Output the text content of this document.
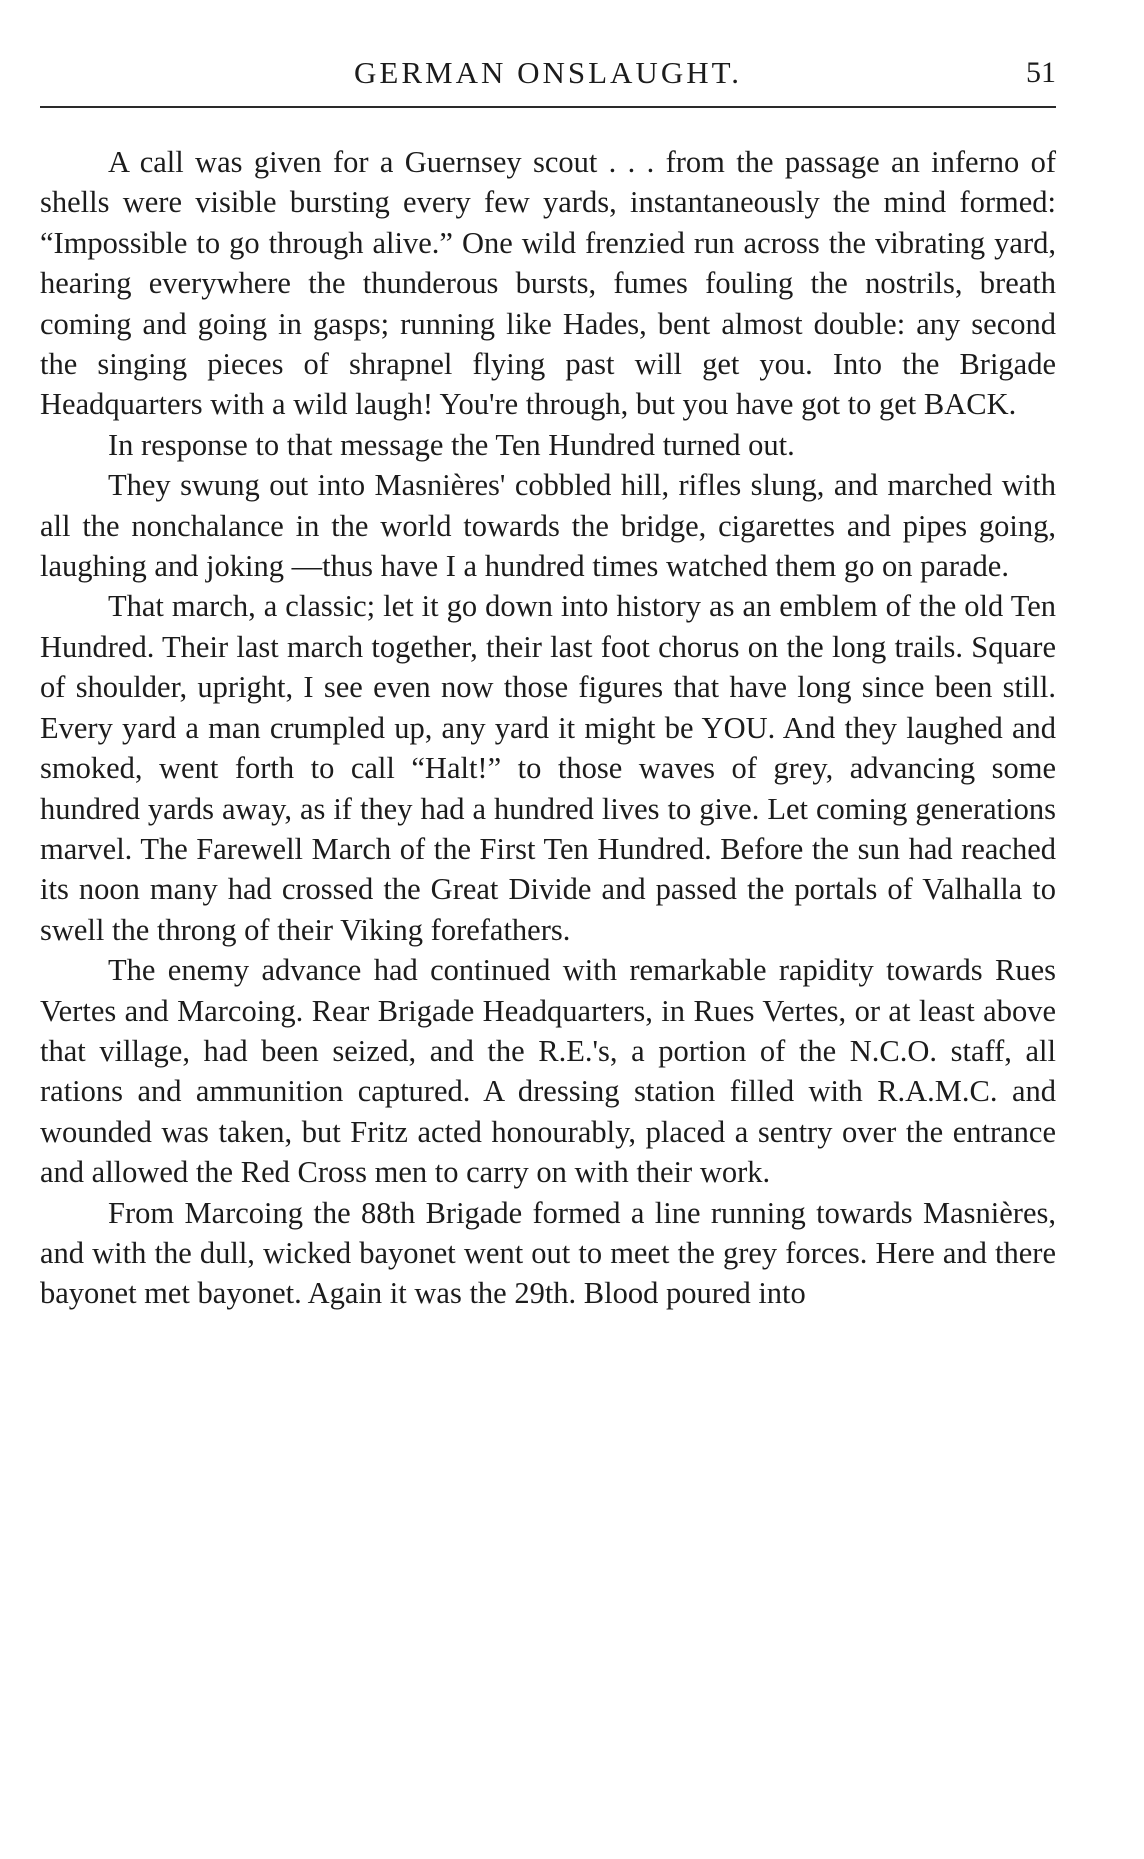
GERMAN ONSLAUGHT.	51

A call was given for a Guernsey scout . . . from the passage an inferno of shells were visible bursting every few yards, instantaneously the mind formed: “Impossible to go through alive.” One wild frenzied run across the vibrating yard, hearing everywhere the thunderous bursts, fumes fouling the nostrils, breath coming and going in gasps; running like Hades, bent almost double: any second the singing pieces of shrapnel flying past will get you. Into the Brigade Headquarters with a wild laugh! You're through, but you have got to get BACK.

In response to that message the Ten Hundred turned out.

They swung out into Masnières' cobbled hill, rifles slung, and marched with all the nonchalance in the world towards the bridge, cigarettes and pipes going, laughing and joking —thus have I a hundred times watched them go on parade.

That march, a classic; let it go down into history as an emblem of the old Ten Hundred. Their last march together, their last foot chorus on the long trails. Square of shoulder, upright, I see even now those figures that have long since been still. Every yard a man crumpled up, any yard it might be YOU. And they laughed and smoked, went forth to call “Halt!” to those waves of grey, advancing some hundred yards away, as if they had a hundred lives to give. Let coming generations marvel. The Farewell March of the First Ten Hundred. Before the sun had reached its noon many had crossed the Great Divide and passed the portals of Valhalla to swell the throng of their Viking forefathers.

The enemy advance had continued with remarkable rapidity towards Rues Vertes and Marcoing. Rear Brigade Headquarters, in Rues Vertes, or at least above that village, had been seized, and the R.E.'s, a portion of the N.C.O. staff, all rations and ammunition captured. A dressing station filled with R.A.M.C. and wounded was taken, but Fritz acted honourably, placed a sentry over the entrance and allowed the Red Cross men to carry on with their work.

From Marcoing the 88th Brigade formed a line running towards Masnières, and with the dull, wicked bayonet went out to meet the grey forces. Here and there bayonet met bayonet. Again it was the 29th. Blood poured into
